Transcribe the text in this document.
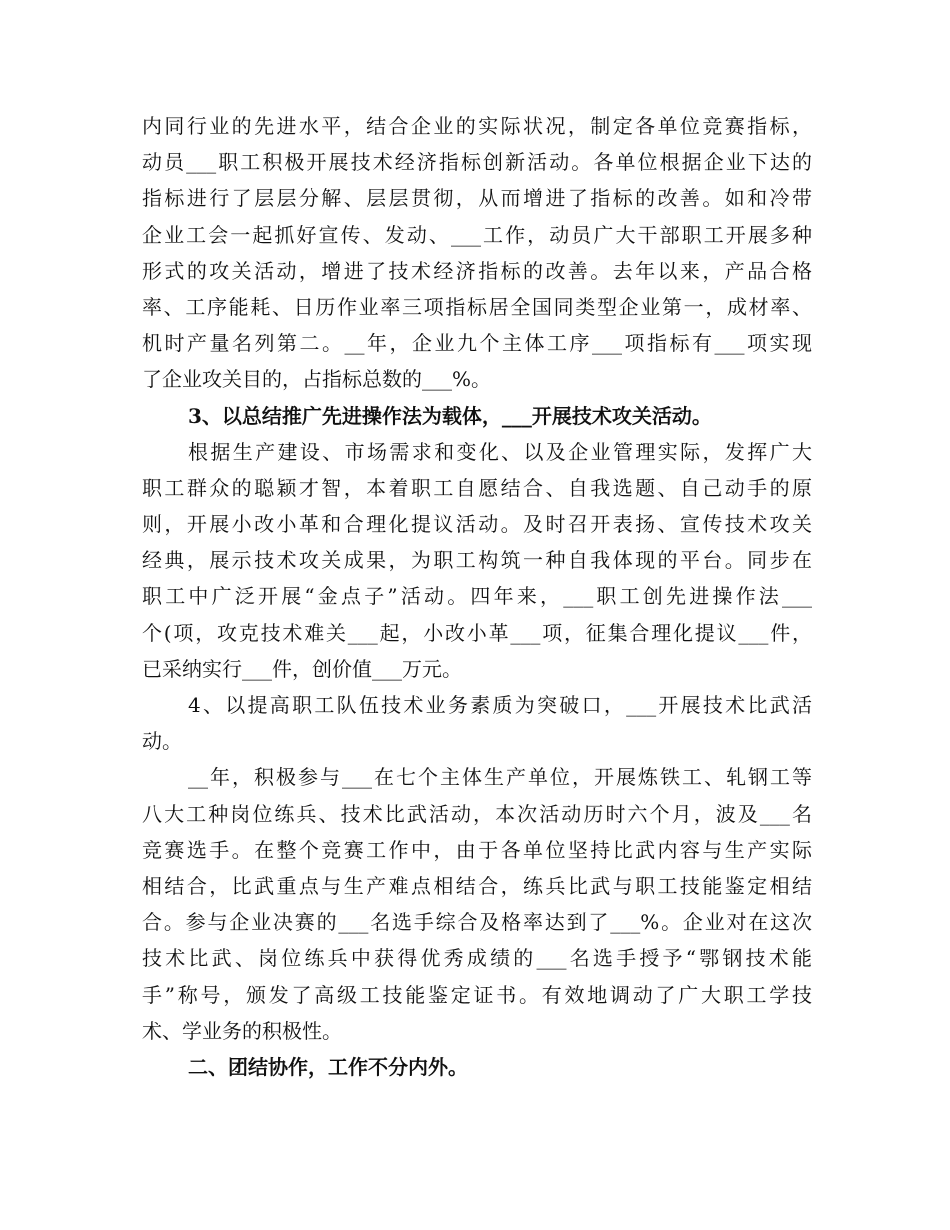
内同行业的先进水平，结合企业的实际状况，制定各单位竞赛指标，
动员___职工积极开展技术经济指标创新活动。各单位根据企业下达的
指标进行了层层分解、层层贯彻，从而增进了指标的改善。如和冷带
企业工会一起抓好宣传、发动、___工作，动员广大干部职工开展多种
形式的攻关活动，增进了技术经济指标的改善。去年以来，产品合格
率、工序能耗、日历作业率三项指标居全国同类型企业第一，成材率、
机时产量名列第二。__年，企业九个主体工序___项指标有___项实现
了企业攻关目的，占指标总数的___%。
3、以总结推广先进操作法为载体，___开展技术攻关活动。
根据生产建设、市场需求和变化、以及企业管理实际，发挥广大
职工群众的聪颖才智，本着职工自愿结合、自我选题、自己动手的原
则，开展小改小革和合理化提议活动。及时召开表扬、宣传技术攻关
经典，展示技术攻关成果，为职工构筑一种自我体现的平台。同步在
职工中广泛开展“金点子”活动。四年来，___职工创先进操作法___
个(项，攻克技术难关___起，小改小革___项，征集合理化提议___件，
已采纳实行___件，创价值___万元。
4、以提高职工队伍技术业务素质为突破口，___开展技术比武活
动。
__年，积极参与___在七个主体生产单位，开展炼铁工、轧钢工等
八大工种岗位练兵、技术比武活动，本次活动历时六个月，波及___名
竞赛选手。在整个竞赛工作中，由于各单位坚持比武内容与生产实际
相结合，比武重点与生产难点相结合，练兵比武与职工技能鉴定相结
合。参与企业决赛的___名选手综合及格率达到了___%。企业对在这次
技术比武、岗位练兵中获得优秀成绩的___名选手授予“鄂钢技术能
手”称号，颁发了高级工技能鉴定证书。有效地调动了广大职工学技
术、学业务的积极性。
二、团结协作，工作不分内外。
